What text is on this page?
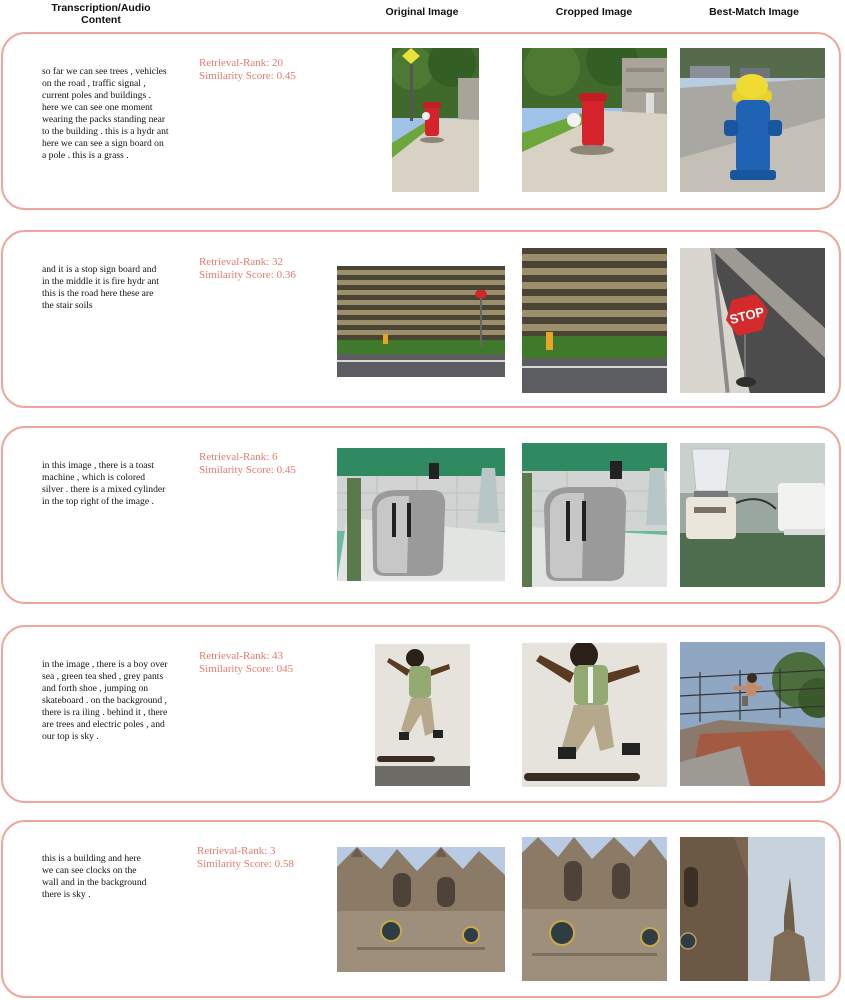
Transcription/Audio
Content
Original Image	Cropped Image	Best-Match Image
so far we can see trees , vehicles
on the road , traffic signal ,
current poles and buildings .
here we can see one moment
wearing the packs standing near
to the building . this is a hydr ant
here we can see a sign board on
a pole . this is a grass .
Retrieval-Rank: 20
Similarity Score: 0.45
and it is a stop sign board and
in the middle it is fire hydr ant
this is the road here these are
the stair soils
Retrieval-Rank: 32
Similarity Score: 0.36
STOP
in this image , there is a toast
machine , which is colored
silver . there is a mixed cylinder
in the top right of the image .
Retrieval-Rank: 6
Similarity Score: 0.45
in the image , there is a boy over
sea , green tea shed , grey pants
and forth shoe , jumping on
skateboard . on the background ,
there is ra iling . behind it , there
are trees and electric poles , and
our top is sky .
Retrieval-Rank: 43
Similarity Score: 045
this is a building and here
we can see clocks on the
wall and in the background
there is sky .
Retrieval-Rank: 3
Similarity Score: 0.58
